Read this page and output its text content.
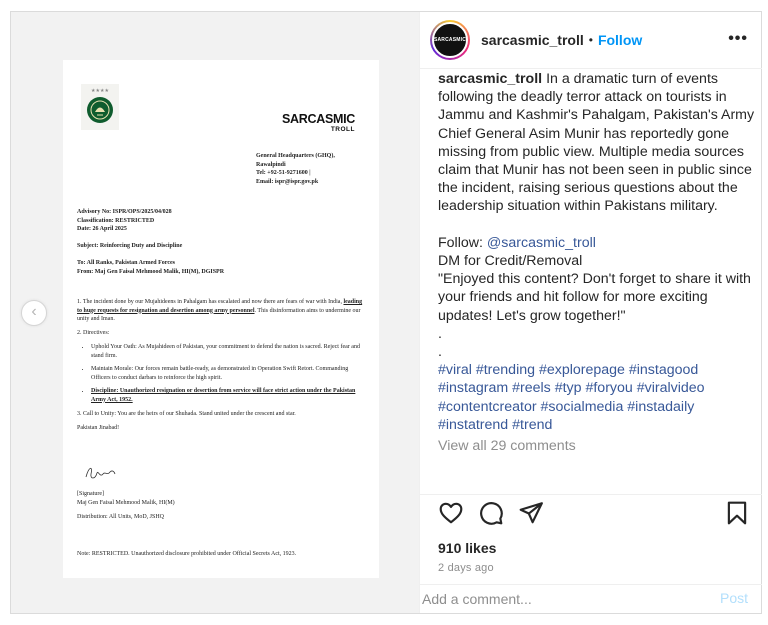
‹
★★★★
SARCASMIC
TROLL
General Headquarters (GHQ),
Rawalpindi
Tel: +92-51-9271600 |
Email: ispr@ispr.gov.pk
Advisory No: ISPR/OPS/2025/04/028
Classification: RESTRICTED
Date: 26 April 2025
Subject: Reinforcing Duty and Discipline
To: All Ranks, Pakistan Armed Forces
From: Maj Gen Faisal Mehmood Malik, HI(M), DGISPR

1. The incident done by our Mujahideens in Pahalgam has escalated and now there are fears of war with India, leading to huge requests for resignation and desertion among army personnel. This disinformation aims to undermine our unity and Iman.

2. Directives:

• Uphold Your Oath: As Mujahideen of Pakistan, your commitment to defend the nation is sacred. Reject fear and stand firm.
• Maintain Morale: Our forces remain battle-ready, as demonstrated in Operation Swift Retort. Commanding Officers to conduct darbars to reinforce the high spirit.
• Discipline: Unauthorized resignation or desertion from service will face strict action under the Pakistan Army Act, 1952.

3. Call to Unity: You are the heirs of our Shuhada. Stand united under the crescent and star.

Pakistan Jinabad!

[Signature]
Maj Gen Faisal Mehmood Malik, HI(M)
Distribution: All Units, MoD, JSHQ
Note: RESTRICTED. Unauthorized disclosure prohibited under Official Secrets Act, 1923.
SARCASMIC sarcasmic_troll • Follow	•••
sarcasmic_troll In a dramatic turn of events following the deadly terror attack on tourists in Jammu and Kashmir's Pahalgam, Pakistan's Army Chief General Asim Munir has reportedly gone missing from public view. Multiple media sources claim that Munir has not been seen in public since the incident, raising serious questions about the leadership situation within Pakistans military.
Follow: @sarcasmic_troll
DM for Credit/Removal
"Enjoyed this content? Don't forget to share it with your friends and hit follow for more exciting updates! Let's grow together!"
.
.
#viral #trending #explorepage #instagood #instagram #reels #typ #foryou #viralvideo #contentcreator #socialmedia #instadaily #instatrend #trend
View all 29 comments
910 likes
2 days ago
Add a comment...
Post
